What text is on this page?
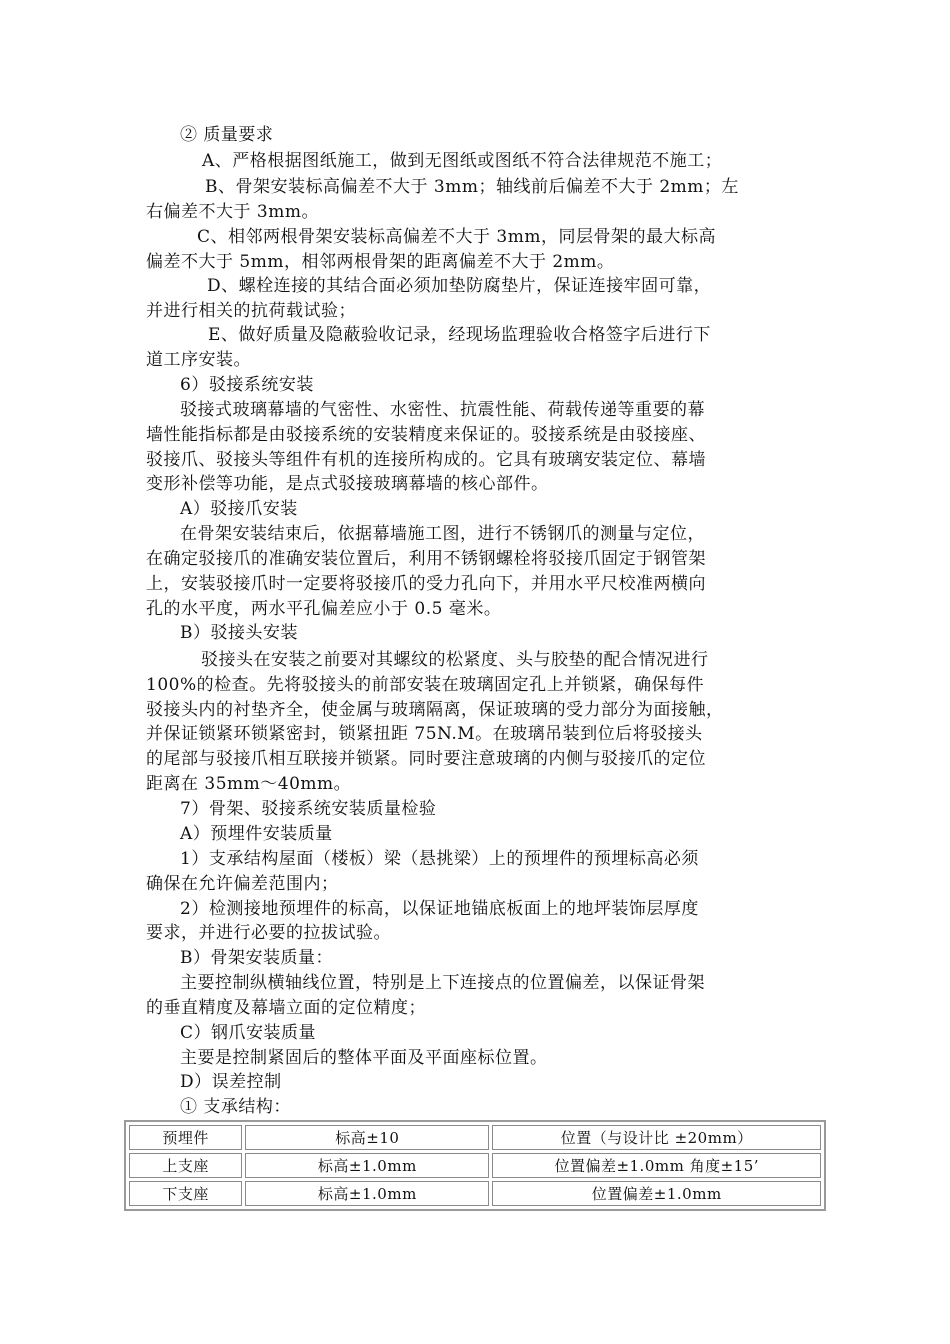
② 质量要求
A、严格根据图纸施工，做到无图纸或图纸不符合法律规范不施工；
B、骨架安装标高偏差不大于 3mm；轴线前后偏差不大于 2mm；左
右偏差不大于 3mm。
C、相邻两根骨架安装标高偏差不大于 3mm，同层骨架的最大标高
偏差不大于 5mm，相邻两根骨架的距离偏差不大于 2mm。
D、螺栓连接的其结合面必须加垫防腐垫片，保证连接牢固可靠，
并进行相关的抗荷载试验；
E、做好质量及隐蔽验收记录，经现场监理验收合格签字后进行下
道工序安装。
6）驳接系统安装
驳接式玻璃幕墙的气密性、水密性、抗震性能、荷载传递等重要的幕
墙性能指标都是由驳接系统的安装精度来保证的。驳接系统是由驳接座、
驳接爪、驳接头等组件有机的连接所构成的。它具有玻璃安装定位、幕墙
变形补偿等功能，是点式驳接玻璃幕墙的核心部件。
A）驳接爪安装
在骨架安装结束后，依据幕墙施工图，进行不锈钢爪的测量与定位，
在确定驳接爪的准确安装位置后，利用不锈钢螺栓将驳接爪固定于钢管架
上，安装驳接爪时一定要将驳接爪的受力孔向下，并用水平尺校准两横向
孔的水平度，两水平孔偏差应小于 0.5 毫米。
B）驳接头安装
驳接头在安装之前要对其螺纹的松紧度、头与胶垫的配合情况进行
100%的检查。先将驳接头的前部安装在玻璃固定孔上并锁紧，确保每件
驳接头内的衬垫齐全，使金属与玻璃隔离，保证玻璃的受力部分为面接触，
并保证锁紧环锁紧密封，锁紧扭距 75N.M。在玻璃吊装到位后将驳接头
的尾部与驳接爪相互联接并锁紧。同时要注意玻璃的内侧与驳接爪的定位
距离在 35mm～40mm。
7）骨架、驳接系统安装质量检验
A）预埋件安装质量
1）支承结构屋面（楼板）梁（悬挑梁）上的预埋件的预埋标高必须
确保在允许偏差范围内；
2）检测接地预埋件的标高，以保证地锚底板面上的地坪装饰层厚度
要求，并进行必要的拉拔试验。
B）骨架安装质量：
主要控制纵横轴线位置，特别是上下连接点的位置偏差，以保证骨架
的垂直精度及幕墙立面的定位精度；
C）钢爪安装质量
主要是控制紧固后的整体平面及平面座标位置。
D）误差控制
① 支承结构：
预埋件	标高±10	位置（与设计比 ±20mm）
上支座	标高±1.0mm	位置偏差±1.0mm 角度±15’
下支座	标高±1.0mm	位置偏差±1.0mm
